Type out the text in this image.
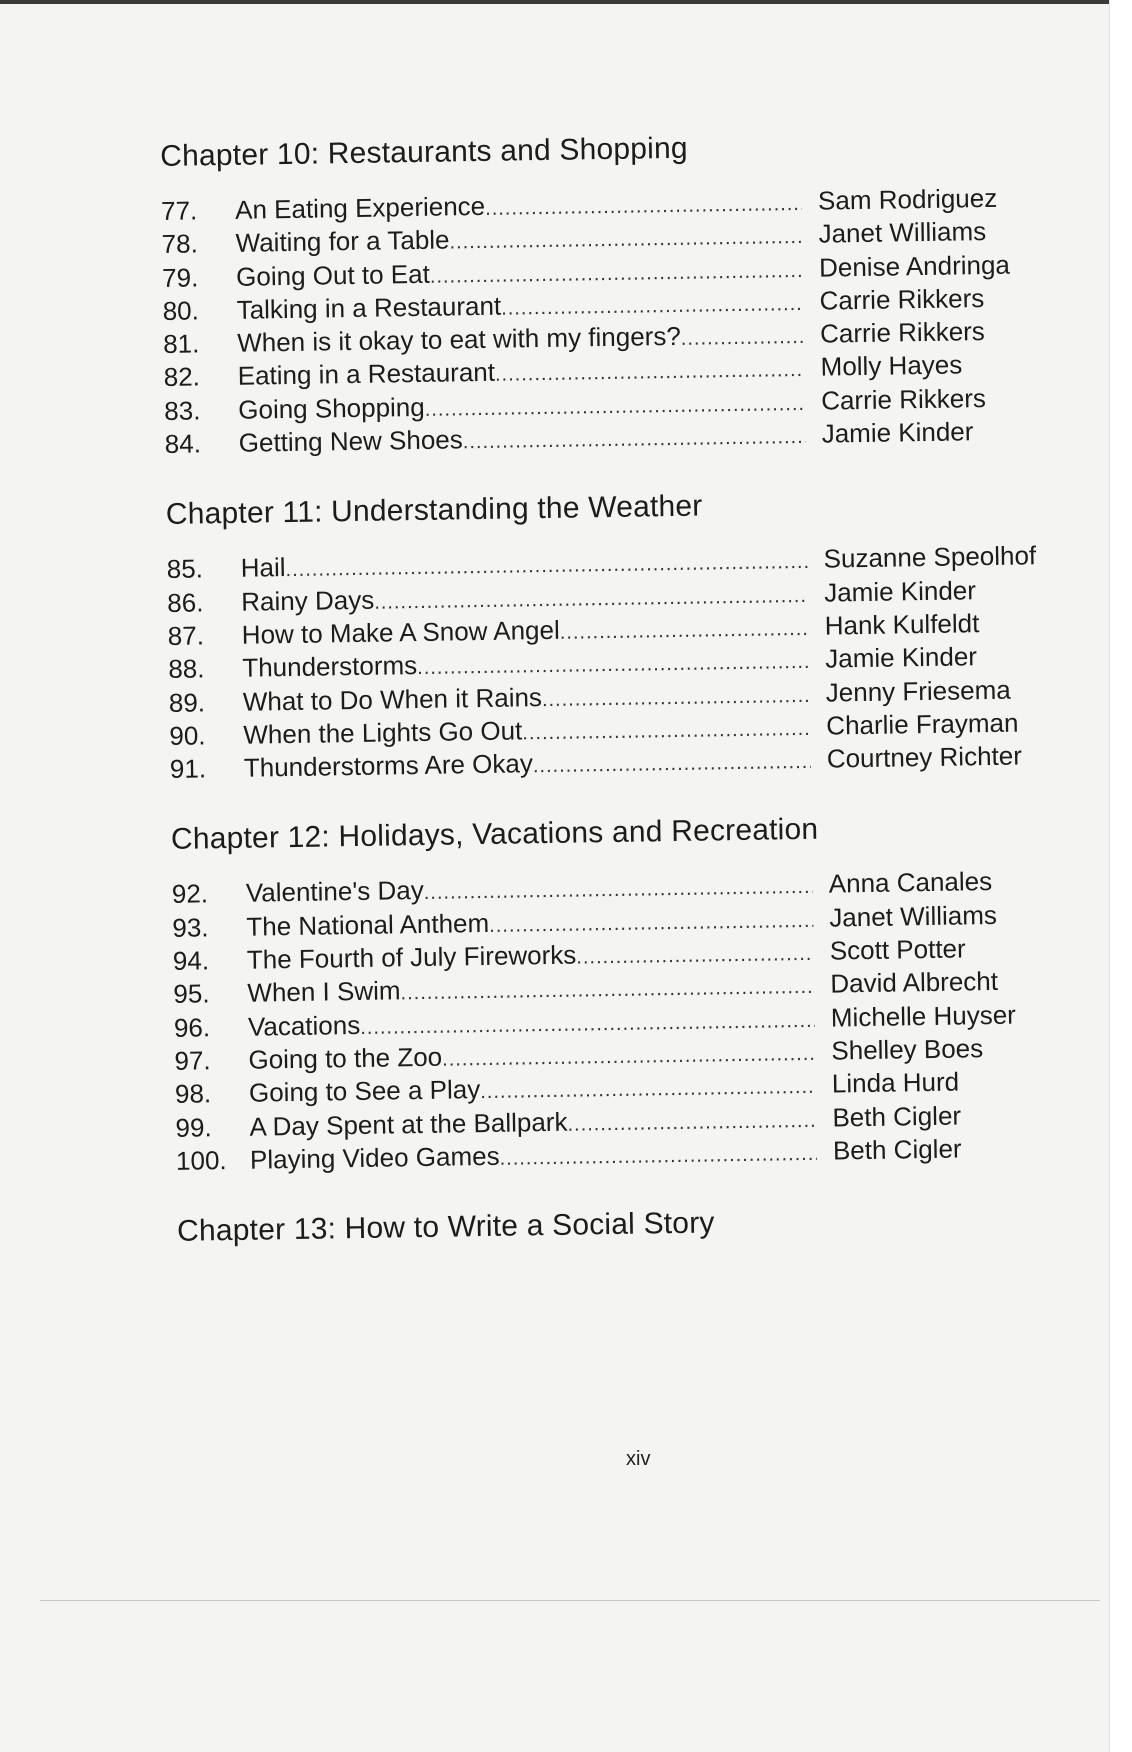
Chapter 10: Restaurants and Shopping
77.	An Eating Experience .....	Sam Rodriguez
78.	Waiting for a Table .....	Janet Williams
79.	Going Out to Eat .....	Denise Andringa
80.	Talking in a Restaurant .....	Carrie Rikkers
81.	When is it okay to eat with my fingers? .....	Carrie Rikkers
82.	Eating in a Restaurant .....	Molly Hayes
83.	Going Shopping .....	Carrie Rikkers
84.	Getting New Shoes .....	Jamie Kinder
Chapter 11: Understanding the Weather
85.	Hail .....	Suzanne Speolhof
86.	Rainy Days .....	Jamie Kinder
87.	How to Make A Snow Angel .....	Hank Kulfeldt
88.	Thunderstorms .....	Jamie Kinder
89.	What to Do When it Rains .....	Jenny Friesema
90.	When the Lights Go Out .....	Charlie Frayman
91.	Thunderstorms Are Okay .....	Courtney Richter
Chapter 12: Holidays, Vacations and Recreation
92.	Valentine's Day .....	Anna Canales
93.	The National Anthem .....	Janet Williams
94.	The Fourth of July Fireworks .....	Scott Potter
95.	When I Swim .....	David Albrecht
96.	Vacations .....	Michelle Huyser
97.	Going to the Zoo .....	Shelley Boes
98.	Going to See a Play .....	Linda Hurd
99.	A Day Spent at the Ballpark .....	Beth Cigler
100. Playing Video Games .....	Beth Cigler
Chapter 13: How to Write a Social Story
xiv
